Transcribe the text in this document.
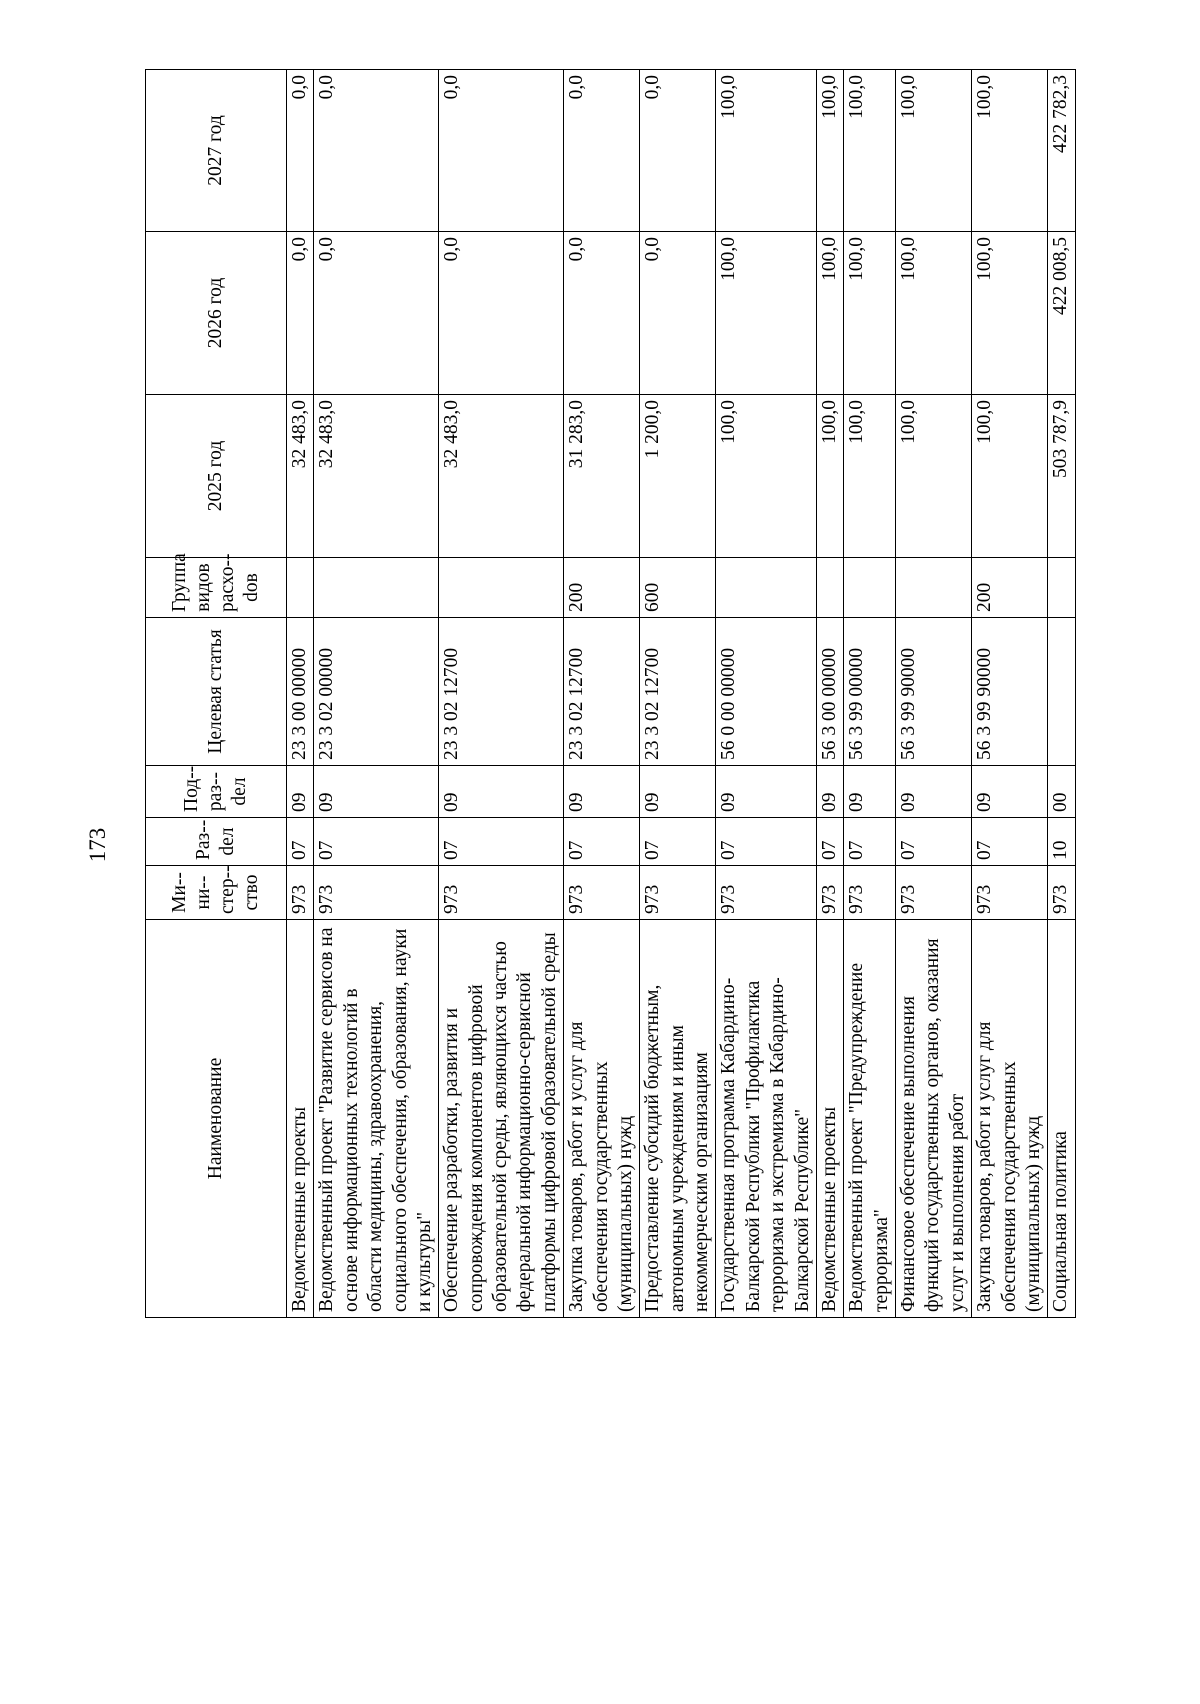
173
Наименование	Ми-ни-стер-ство	Раз-dел	Под-раз-dел	Целевая статья	Группа видов расхо-dов	2025 год	2026 год	2027 год
Ведомственные проекты	973	07	09	23 3 00 00000		32 483,0	0,0	0,0
Ведомственный проект "Развитие сервисов на основе информационных технологий в области медицины, здравоохранения, социального обеспечения, образования, науки и культуры"	973	07	09	23 3 02 00000		32 483,0	0,0	0,0
Обеспечение разработки, развития и сопровождения компонентов цифровой образовательной среды, являющихся частью федеральной информационно-сервисной платформы цифровой образовательной среды	973	07	09	23 3 02 12700		32 483,0	0,0	0,0
Закупка товаров, работ и услуг для обеспечения государственных (муниципальных) нужд	973	07	09	23 3 02 12700	200	31 283,0	0,0	0,0
Предоставление субсидий бюджетным, автономным учреждениям и иным некоммерческим организациям	973	07	09	23 3 02 12700	600	1 200,0	0,0	0,0
Государственная программа Кабардино-Балкарской Республики "Профилактика терроризма и экстремизма в Кабардино-Балкарской Республике"	973	07	09	56 0 00 00000		100,0	100,0	100,0
Ведомственные проекты	973	07	09	56 3 00 00000		100,0	100,0	100,0
Ведомственный проект "Предупреждение терроризма"	973	07	09	56 3 99 00000		100,0	100,0	100,0
Финансовое обеспечение выполнения функций государственных органов, оказания услуг и выполнения работ	973	07	09	56 3 99 90000		100,0	100,0	100,0
Закупка товаров, работ и услуг для обеспечения государственных (муниципальных) нужд	973	07	09	56 3 99 90000	200	100,0	100,0	100,0
Социальная политика	973	10	00			503 787,9	422 008,5	422 782,3
